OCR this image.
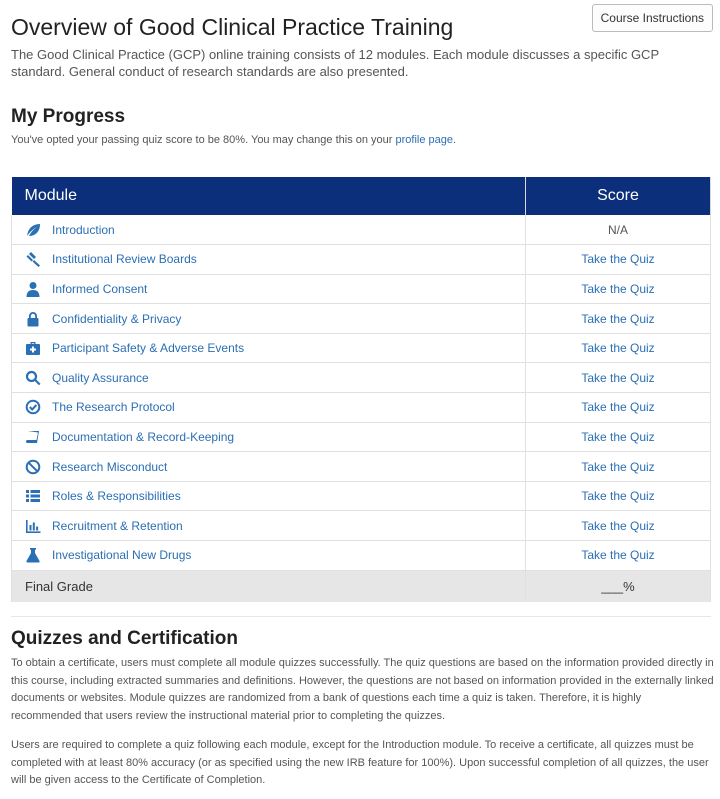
Course Instructions
Overview of Good Clinical Practice Training

The Good Clinical Practice (GCP) online training consists of 12 modules. Each module discusses a specific GCP standard. General conduct of research standards are also presented.

My Progress

You've opted your passing quiz score to be 80%. You may change this on your profile page.

Module	Score

Introduction	N/A

Institutional Review Boards	Take the Quiz

Informed Consent	Take the Quiz

Confidentiality & Privacy	Take the Quiz

Participant Safety & Adverse Events	Take the Quiz

Quality Assurance	Take the Quiz

The Research Protocol	Take the Quiz

Documentation & Record-Keeping	Take the Quiz

Research Misconduct	Take the Quiz

Roles & Responsibilities	Take the Quiz

Recruitment & Retention	Take the Quiz

Investigational New Drugs	Take the Quiz
Final Grade	___%
Quizzes and Certification

To obtain a certificate, users must complete all module quizzes successfully. The quiz questions are based on the information provided directly in this course, including extracted summaries and definitions. However, the questions are not based on information provided in the externally linked documents or websites. Module quizzes are randomized from a bank of questions each time a quiz is taken. Therefore, it is highly recommended that users review the instructional material prior to completing the quizzes.

Users are required to complete a quiz following each module, except for the Introduction module. To receive a certificate, all quizzes must be completed with at least 80% accuracy (or as specified using the new IRB feature for 100%). Upon successful completion of all quizzes, the user will be given access to the Certificate of Completion.
